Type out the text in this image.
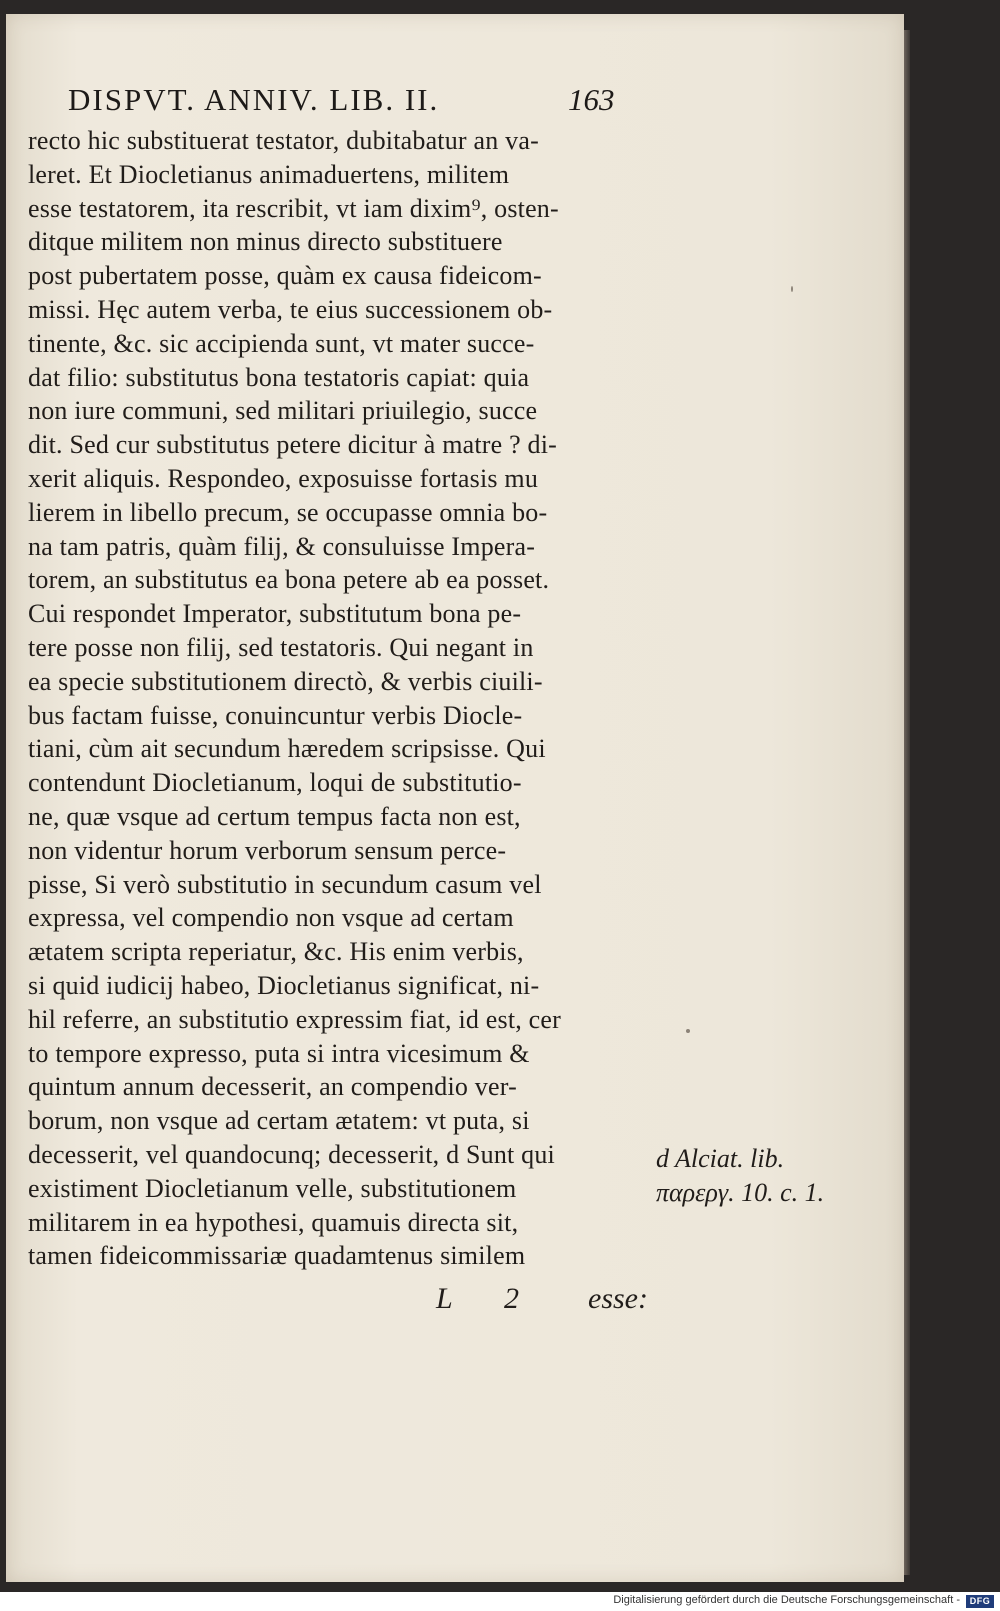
DISPVT. ANNIV. LIB. II.	163
recto hic substituerat testator, dubitabatur an va-
leret. Et Diocletianus animaduertens, militem
esse testatorem, ita rescribit, vt iam dixim⁹, osten-
ditque militem non minus directo substituere
post pubertatem posse, quàm ex causa fideicom-
missi. Hęc autem verba, te eius successionem ob-
tinente, &c. sic accipienda sunt, vt mater succe-
dat filio: substitutus bona testatoris capiat: quia
non iure communi, sed militari priuilegio, succe
dit. Sed cur substitutus petere dicitur à matre ? di-
xerit aliquis. Respondeo, exposuisse fortasis mu
lierem in libello precum, se occupasse omnia bo-
na tam patris, quàm filij, & consuluisse Impera-
torem, an substitutus ea bona petere ab ea posset.
Cui respondet Imperator, substitutum bona pe-
tere posse non filij, sed testatoris. Qui negant in
ea specie substitutionem directò, & verbis ciuili-
bus factam fuisse, conuincuntur verbis Diocle-
tiani, cùm ait secundum hæredem scripsisse. Qui
contendunt Diocletianum, loqui de substitutio-
ne, quæ vsque ad certum tempus facta non est,
non videntur horum verborum sensum perce-
pisse, Si verò substitutio in secundum casum vel
expressa, vel compendio non vsque ad certam
ætatem scripta reperiatur, &c. His enim verbis,
si quid iudicij habeo, Diocletianus significat, ni-
hil referre, an substitutio expressim fiat, id est, cer
to tempore expresso, puta si intra vicesimum &
quintum annum decesserit, an compendio ver-
borum, non vsque ad certam ætatem: vt puta, si
decesserit, vel quandocunq; decesserit, d Sunt qui
existiment Diocletianum velle, substitutionem
militarem in ea hypothesi, quamuis directa sit,
tamen fideicommissariæ quadamtenus similem
d Alciat. lib.
παρεργ. 10. c. 1.
L 2 esse:
Digitalisierung gefördert durch die Deutsche Forschungsgemeinschaft -	DFG
